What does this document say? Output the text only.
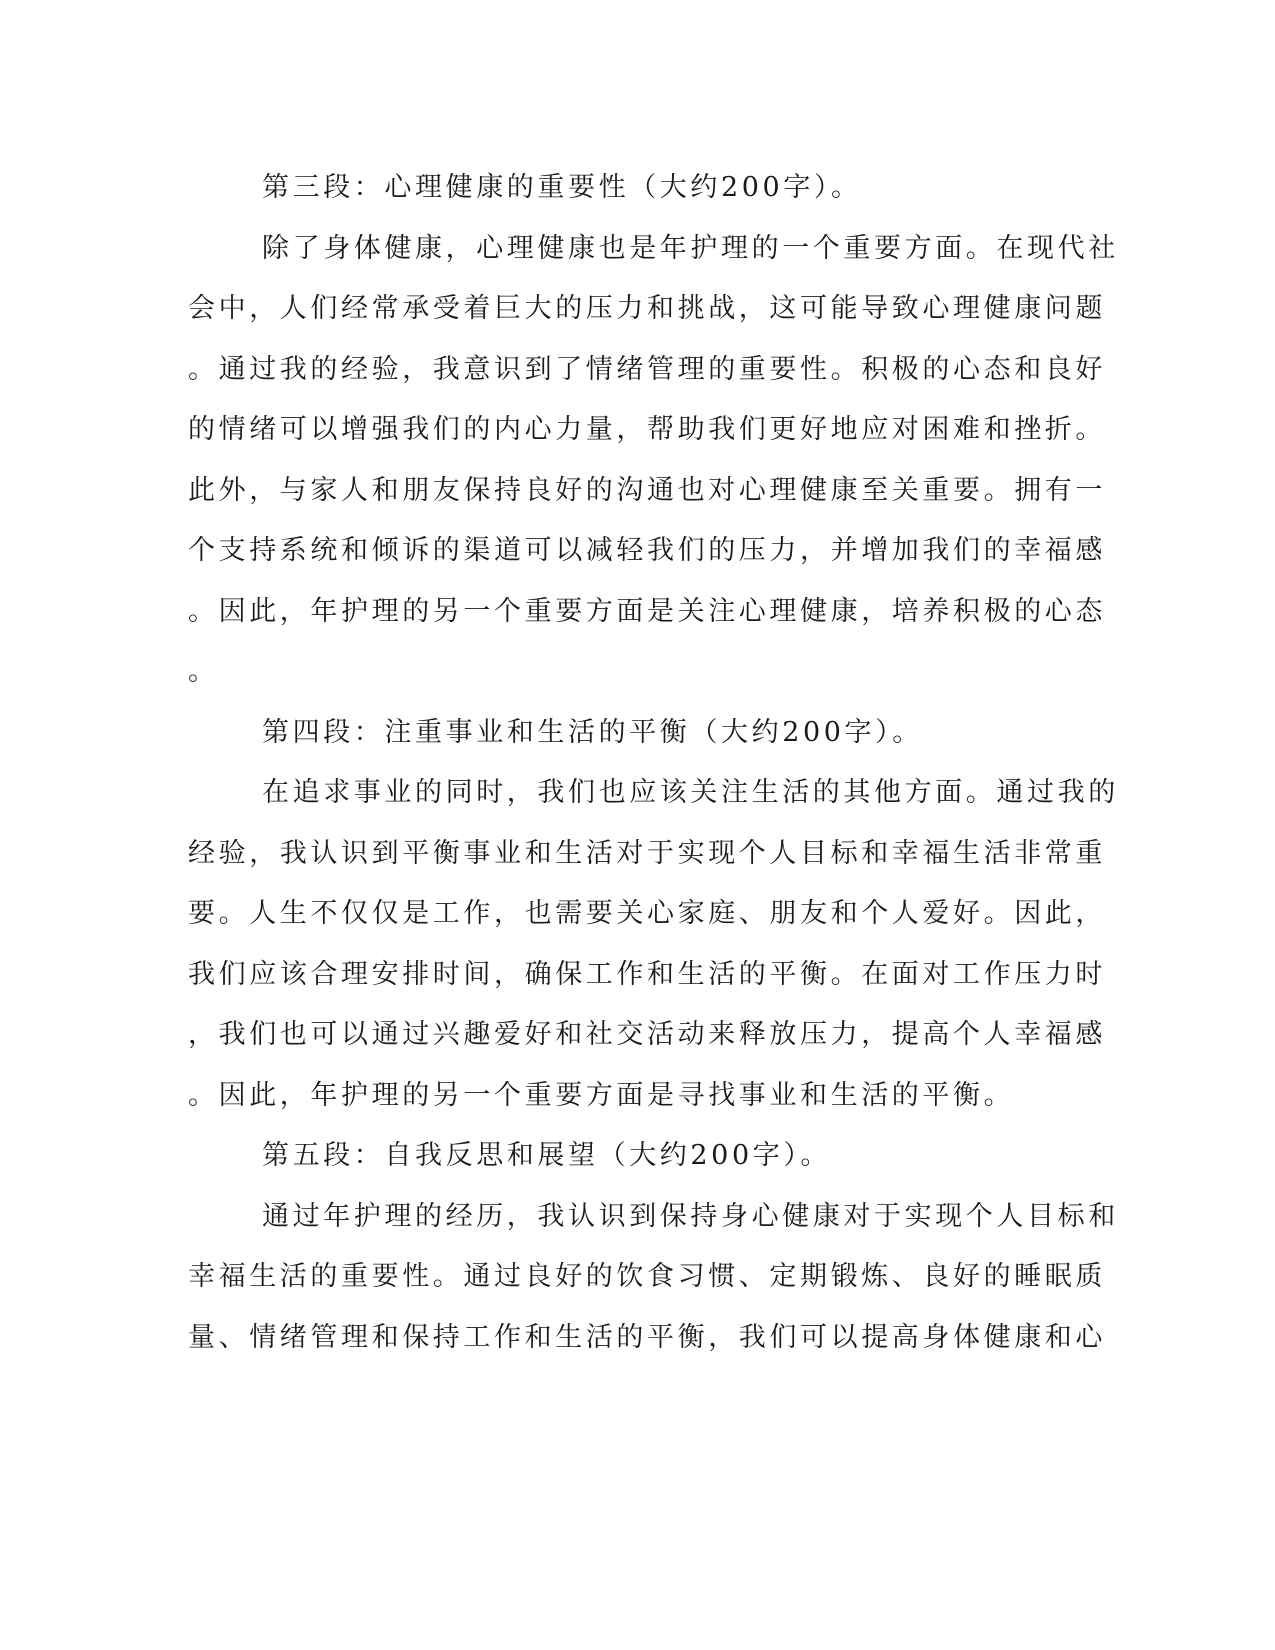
第三段：心理健康的重要性（大约200字）。
除了身体健康，心理健康也是年护理的一个重要方面。在现代社
会中，人们经常承受着巨大的压力和挑战，这可能导致心理健康问题
。通过我的经验，我意识到了情绪管理的重要性。积极的心态和良好
的情绪可以增强我们的内心力量，帮助我们更好地应对困难和挫折。
此外，与家人和朋友保持良好的沟通也对心理健康至关重要。拥有一
个支持系统和倾诉的渠道可以减轻我们的压力，并增加我们的幸福感
。因此，年护理的另一个重要方面是关注心理健康，培养积极的心态
。
第四段：注重事业和生活的平衡（大约200字）。
在追求事业的同时，我们也应该关注生活的其他方面。通过我的
经验，我认识到平衡事业和生活对于实现个人目标和幸福生活非常重
要。人生不仅仅是工作，也需要关心家庭、朋友和个人爱好。因此，
我们应该合理安排时间，确保工作和生活的平衡。在面对工作压力时
，我们也可以通过兴趣爱好和社交活动来释放压力，提高个人幸福感
。因此，年护理的另一个重要方面是寻找事业和生活的平衡。
第五段：自我反思和展望（大约200字）。
通过年护理的经历，我认识到保持身心健康对于实现个人目标和
幸福生活的重要性。通过良好的饮食习惯、定期锻炼、良好的睡眠质
量、情绪管理和保持工作和生活的平衡，我们可以提高身体健康和心
